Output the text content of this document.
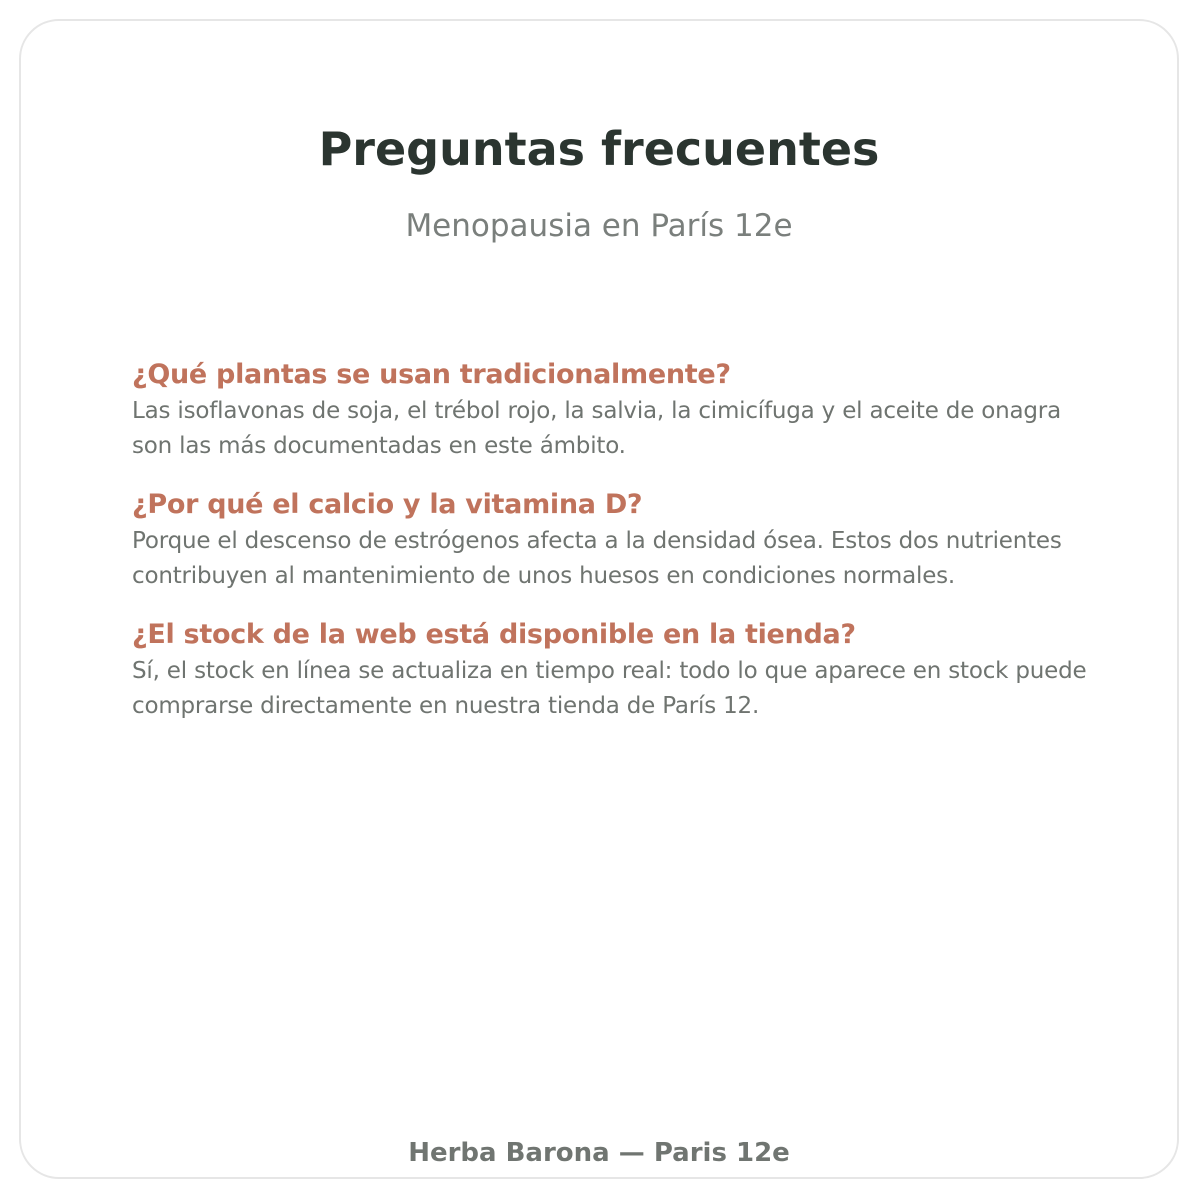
Preguntas frecuentes

Menopausia en París 12e

¿Qué plantas se usan tradicionalmente?

Las isoflavonas de soja, el trébol rojo, la salvia, la cimicífuga y el aceite de onagra son las más documentadas en este ámbito.

¿Por qué el calcio y la vitamina D?

Porque el descenso de estrógenos afecta a la densidad ósea. Estos dos nutrientes contribuyen al mantenimiento de unos huesos en condiciones normales.

¿El stock de la web está disponible en la tienda?

Sí, el stock en línea se actualiza en tiempo real: todo lo que aparece en stock puede comprarse directamente en nuestra tienda de París 12.

Herba Barona — Paris 12e
